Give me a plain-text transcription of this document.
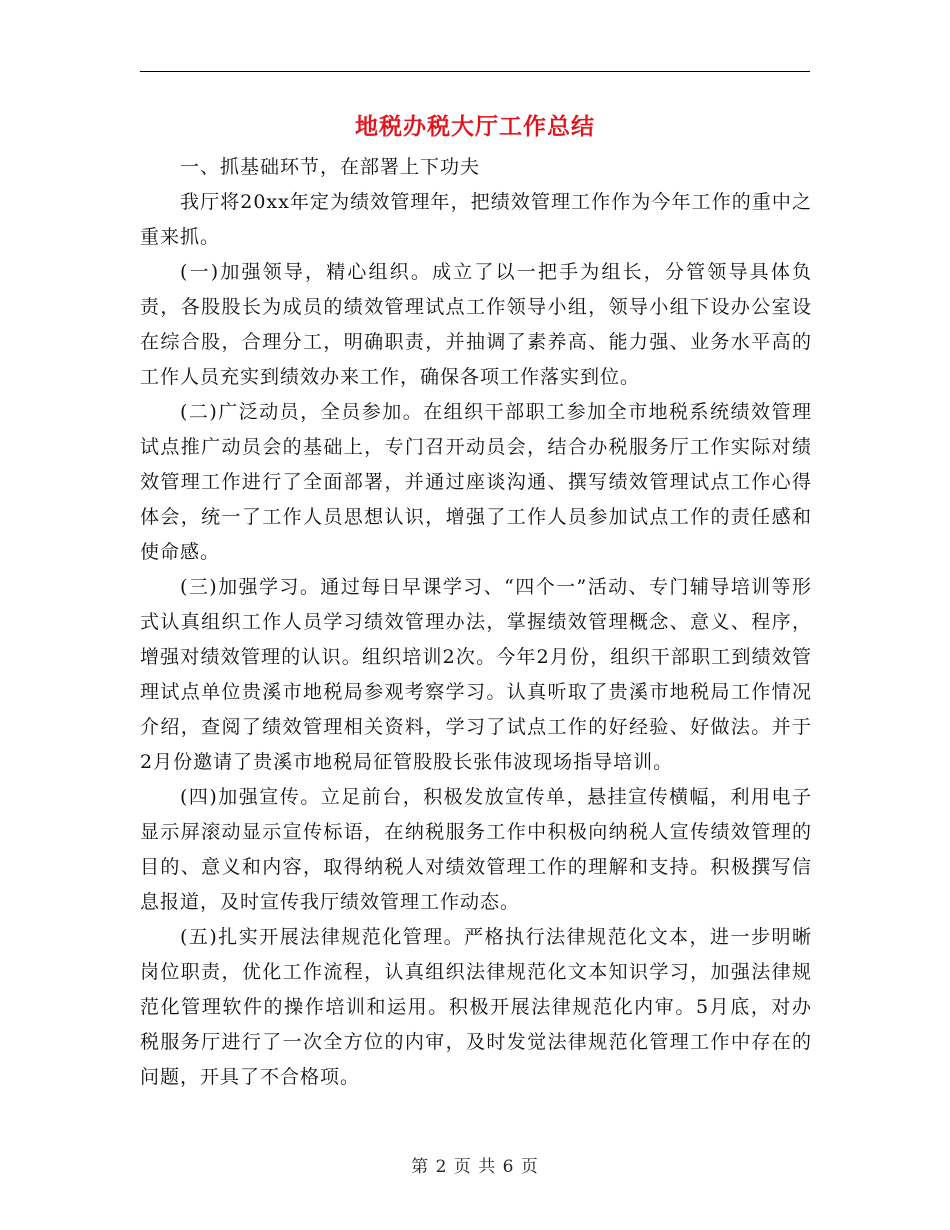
地税办税大厅工作总结

一、抓基础环节，在部署上下功夫

我厅将20xx年定为绩效管理年，把绩效管理工作作为今年工作的重中之重来抓。

(一)加强领导，精心组织。成立了以一把手为组长，分管领导具体负责，各股股长为成员的绩效管理试点工作领导小组，领导小组下设办公室设在综合股，合理分工，明确职责，并抽调了素养高、能力强、业务水平高的工作人员充实到绩效办来工作，确保各项工作落实到位。

(二)广泛动员，全员参加。在组织干部职工参加全市地税系统绩效管理试点推广动员会的基础上，专门召开动员会，结合办税服务厅工作实际对绩效管理工作进行了全面部署，并通过座谈沟通、撰写绩效管理试点工作心得体会，统一了工作人员思想认识，增强了工作人员参加试点工作的责任感和使命感。

(三)加强学习。通过每日早课学习、“四个一”活动、专门辅导培训等形式认真组织工作人员学习绩效管理办法，掌握绩效管理概念、意义、程序，增强对绩效管理的认识。组织培训2次。今年2月份，组织干部职工到绩效管理试点单位贵溪市地税局参观考察学习。认真听取了贵溪市地税局工作情况介绍，查阅了绩效管理相关资料，学习了试点工作的好经验、好做法。并于2月份邀请了贵溪市地税局征管股股长张伟波现场指导培训。

(四)加强宣传。立足前台，积极发放宣传单，悬挂宣传横幅，利用电子显示屏滚动显示宣传标语，在纳税服务工作中积极向纳税人宣传绩效管理的目的、意义和内容，取得纳税人对绩效管理工作的理解和支持。积极撰写信息报道，及时宣传我厅绩效管理工作动态。

(五)扎实开展法律规范化管理。严格执行法律规范化文本，进一步明晰岗位职责，优化工作流程，认真组织法律规范化文本知识学习，加强法律规范化管理软件的操作培训和运用。积极开展法律规范化内审。5月底，对办税服务厅进行了一次全方位的内审，及时发觉法律规范化管理工作中存在的问题，开具了不合格项。

第 2 页 共 6 页
